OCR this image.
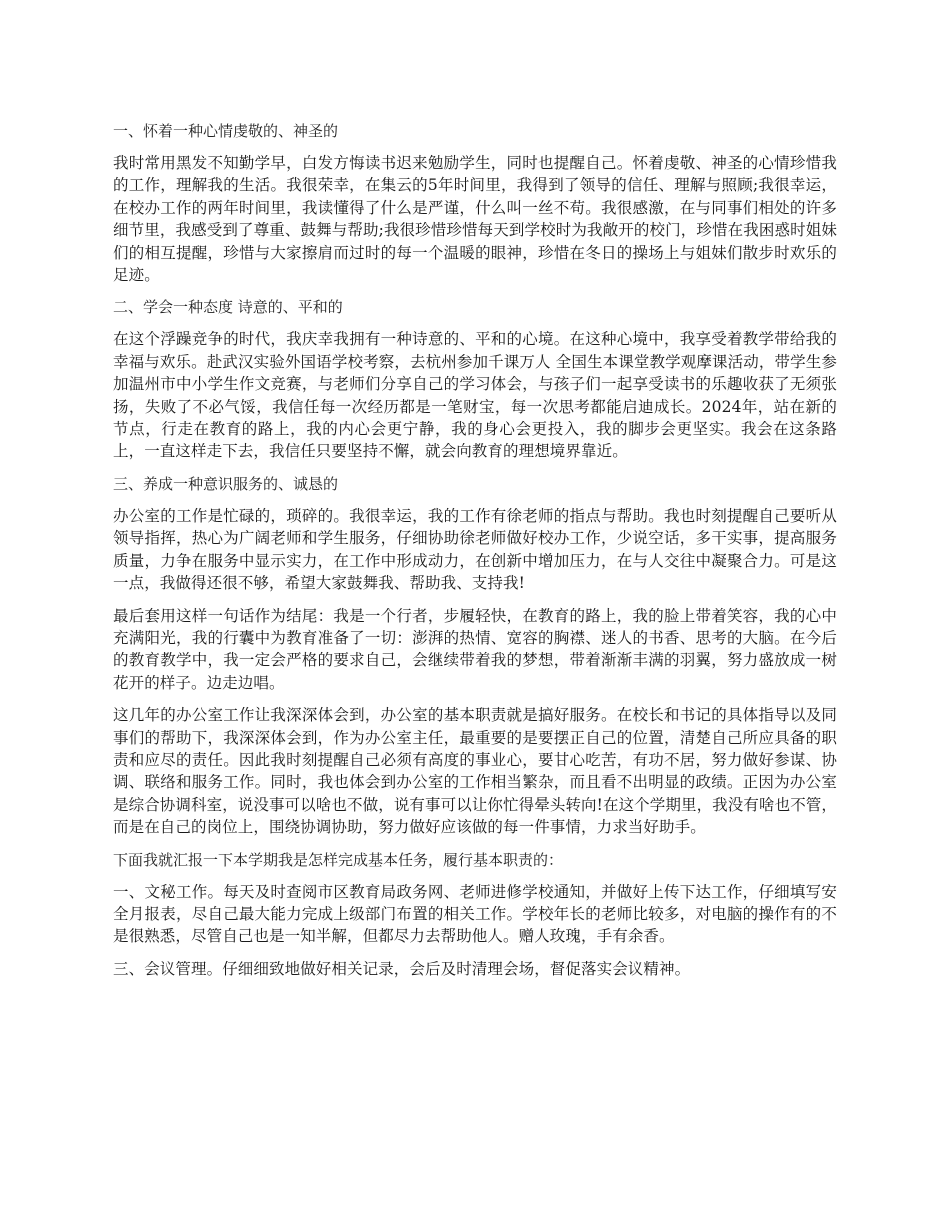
一、怀着一种心情虔敬的、神圣的

我时常用黑发不知勤学早，白发方悔读书迟来勉励学生，同时也提醒自己。怀着虔敬、神圣的心情珍惜我的工作，理解我的生活。我很荣幸，在集云的5年时间里，我得到了领导的信任、理解与照顾;我很幸运，在校办工作的两年时间里，我读懂得了什么是严谨，什么叫一丝不苟。我很感激，在与同事们相处的许多细节里，我感受到了尊重、鼓舞与帮助;我很珍惜珍惜每天到学校时为我敞开的校门，珍惜在我困惑时姐妹们的相互提醒，珍惜与大家擦肩而过时的每一个温暖的眼神，珍惜在冬日的操场上与姐妹们散步时欢乐的足迹。

二、学会一种态度 诗意的、平和的

在这个浮躁竞争的时代，我庆幸我拥有一种诗意的、平和的心境。在这种心境中，我享受着教学带给我的幸福与欢乐。赴武汉实验外国语学校考察，去杭州参加千课万人 全国生本课堂教学观摩课活动，带学生参加温州市中小学生作文竞赛，与老师们分享自己的学习体会，与孩子们一起享受读书的乐趣收获了无须张扬，失败了不必气馁，我信任每一次经历都是一笔财宝，每一次思考都能启迪成长。2024年，站在新的节点，行走在教育的路上，我的内心会更宁静，我的身心会更投入，我的脚步会更坚实。我会在这条路上，一直这样走下去，我信任只要坚持不懈，就会向教育的理想境界靠近。

三、养成一种意识服务的、诚恳的

办公室的工作是忙碌的，琐碎的。我很幸运，我的工作有徐老师的指点与帮助。我也时刻提醒自己要听从领导指挥，热心为广阔老师和学生服务，仔细协助徐老师做好校办工作，少说空话，多干实事，提高服务质量，力争在服务中显示实力，在工作中形成动力，在创新中增加压力，在与人交往中凝聚合力。可是这一点，我做得还很不够，希望大家鼓舞我、帮助我、支持我!

最后套用这样一句话作为结尾：我是一个行者，步履轻快，在教育的路上，我的脸上带着笑容，我的心中充满阳光，我的行囊中为教育准备了一切：澎湃的热情、宽容的胸襟、迷人的书香、思考的大脑。在今后的教育教学中，我一定会严格的要求自己，会继续带着我的梦想，带着渐渐丰满的羽翼，努力盛放成一树花开的样子。边走边唱。

这几年的办公室工作让我深深体会到，办公室的基本职责就是搞好服务。在校长和书记的具体指导以及同事们的帮助下，我深深体会到，作为办公室主任，最重要的是要摆正自己的位置，清楚自己所应具备的职责和应尽的责任。因此我时刻提醒自己必须有高度的事业心，要甘心吃苦，有功不居，努力做好参谋、协调、联络和服务工作。同时，我也体会到办公室的工作相当繁杂，而且看不出明显的政绩。正因为办公室是综合协调科室，说没事可以啥也不做，说有事可以让你忙得晕头转向!在这个学期里，我没有啥也不管，而是在自己的岗位上，围绕协调协助，努力做好应该做的每一件事情，力求当好助手。

下面我就汇报一下本学期我是怎样完成基本任务，履行基本职责的：

一、文秘工作。每天及时查阅市区教育局政务网、老师进修学校通知，并做好上传下达工作，仔细填写安全月报表，尽自己最大能力完成上级部门布置的相关工作。学校年长的老师比较多，对电脑的操作有的不是很熟悉，尽管自己也是一知半解，但都尽力去帮助他人。赠人玫瑰，手有余香。

三、会议管理。仔细细致地做好相关记录，会后及时清理会场，督促落实会议精神。
